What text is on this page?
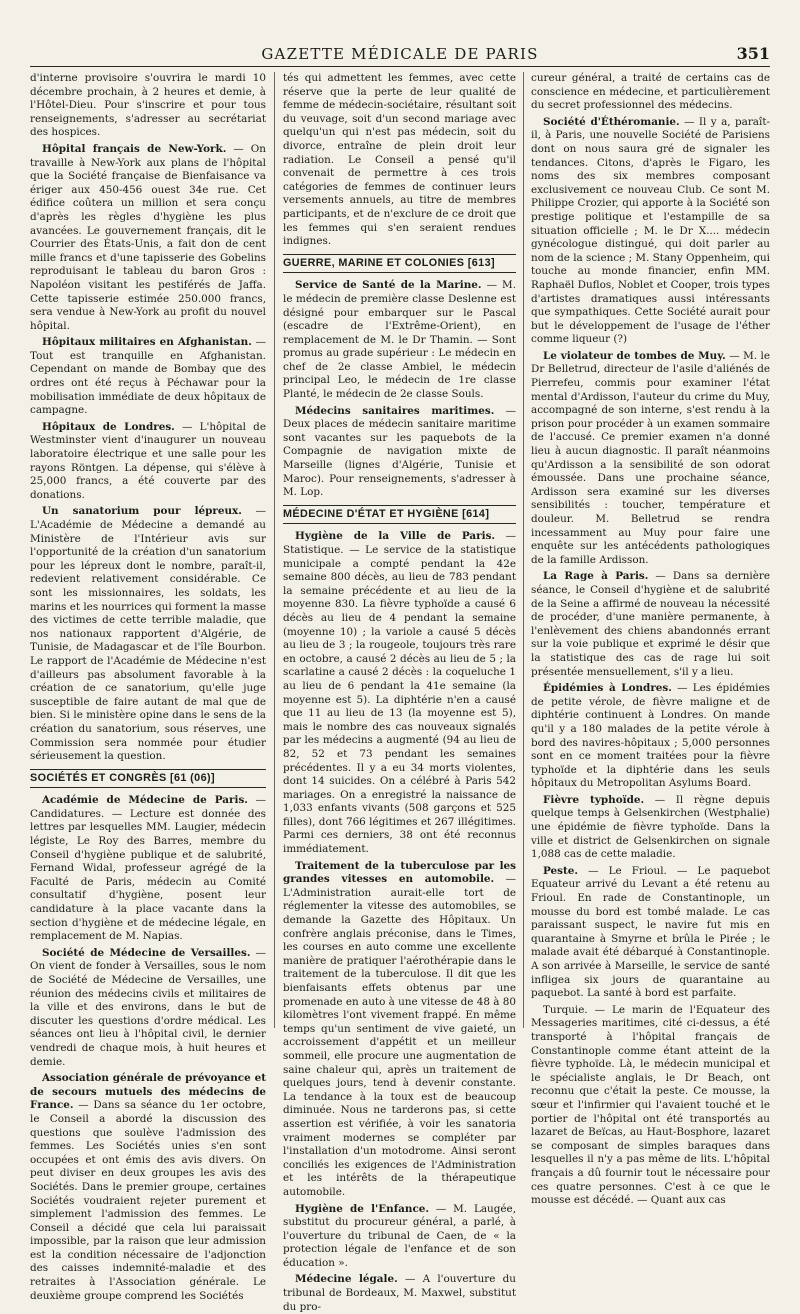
GAZETTE MÉDICALE DE PARIS	351

d'interne provisoire s'ouvrira le mardi 10 décembre prochain, à 2 heures et demie, à l'Hôtel-Dieu. Pour s'inscrire et pour tous renseignements, s'adresser au secrétariat des hospices.

Hôpital français de New-York. — On travaille à New-York aux plans de l'hôpital que la Société française de Bienfaisance va ériger aux 450-456 ouest 34e rue. Cet édifice coûtera un million et sera conçu d'après les règles d'hygiène les plus avancées. Le gouvernement français, dit le Courrier des États-Unis, a fait don de cent mille francs et d'une tapisserie des Gobelins reproduisant le tableau du baron Gros : Napoléon visitant les pestiférés de Jaffa. Cette tapisserie estimée 250.000 francs, sera vendue à New-York au profit du nouvel hôpital.

Hôpitaux militaires en Afghanistan. — Tout est tranquille en Afghanistan. Cependant on mande de Bombay que des ordres ont été reçus à Péchawar pour la mobilisation immédiate de deux hôpitaux de campagne.

Hôpitaux de Londres. — L'hôpital de Westminster vient d'inaugurer un nouveau laboratoire électrique et une salle pour les rayons Röntgen. La dépense, qui s'élève à 25,000 francs, a été couverte par des donations.

Un sanatorium pour lépreux. — L'Académie de Médecine a demandé au Ministère de l'Intérieur avis sur l'opportunité de la création d'un sanatorium pour les lépreux dont le nombre, paraît-il, redevient relativement considérable. Ce sont les missionnaires, les soldats, les marins et les nourrices qui forment la masse des victimes de cette terrible maladie, que nos nationaux rapportent d'Algérie, de Tunisie, de Madagascar et de l'île Bourbon. Le rapport de l'Académie de Médecine n'est d'ailleurs pas absolument favorable à la création de ce sanatorium, qu'elle juge susceptible de faire autant de mal que de bien. Si le ministère opine dans le sens de la création du sanatorium, sous réserves, une Commission sera nommée pour étudier sérieusement la question.

SOCIÉTÉS ET CONGRÈS [61 (06)]

Académie de Médecine de Paris. — Candidatures. — Lecture est donnée des lettres par lesquelles MM. Laugier, médecin légiste, Le Roy des Barres, membre du Conseil d'hygiène publique et de salubrité, Fernand Widal, professeur agrégé de la Faculté de Paris, médecin au Comité consultatif d'hygiène, posent leur candidature à la place vacante dans la section d'hygiène et de médecine légale, en remplacement de M. Napias.

Société de Médecine de Versailles. — On vient de fonder à Versailles, sous le nom de Société de Médecine de Versailles, une réunion des médecins civils et militaires de la ville et des environs, dans le but de discuter les questions d'ordre médical. Les séances ont lieu à l'hôpital civil, le dernier vendredi de chaque mois, à huit heures et demie.

Association générale de prévoyance et de secours mutuels des médecins de France. — Dans sa séance du 1er octobre, le Conseil a abordé la discussion des questions que soulève l'admission des femmes. Les Sociétés unies s'en sont occupées et ont émis des avis divers. On peut diviser en deux groupes les avis des Sociétés. Dans le premier groupe, certaines Sociétés voudraient rejeter purement et simplement l'admission des femmes. Le Conseil a décidé que cela lui paraissait impossible, par la raison que leur admission est la condition nécessaire de l'adjonction des caisses indemnité-maladie et des retraites à l'Association générale. Le deuxième groupe comprend les Sociétés

tés qui admettent les femmes, avec cette réserve que la perte de leur qualité de femme de médecin-sociétaire, résultant soit du veuvage, soit d'un second mariage avec quelqu'un qui n'est pas médecin, soit du divorce, entraîne de plein droit leur radiation. Le Conseil a pensé qu'il convenait de permettre à ces trois catégories de femmes de continuer leurs versements annuels, au titre de membres participants, et de n'exclure de ce droit que les femmes qui s'en seraient rendues indignes.

GUERRE, MARINE ET COLONIES [613]

Service de Santé de la Marine. — M. le médecin de première classe Deslenne est désigné pour embarquer sur le Pascal (escadre de l'Extrême-Orient), en remplacement de M. le Dr Thamin. — Sont promus au grade supérieur : Le médecin en chef de 2e classe Ambiel, le médecin principal Leo, le médecin de 1re classe Planté, le médecin de 2e classe Souls.

Médecins sanitaires maritimes. — Deux places de médecin sanitaire maritime sont vacantes sur les paquebots de la Compagnie de navigation mixte de Marseille (lignes d'Algérie, Tunisie et Maroc). Pour renseignements, s'adresser à M. Lop.

MÉDECINE D'ÉTAT ET HYGIÈNE [614]

Hygiène de la Ville de Paris. — Statistique. — Le service de la statistique municipale a compté pendant la 42e semaine 800 décès, au lieu de 783 pendant la semaine précédente et au lieu de la moyenne 830. La fièvre typhoïde a causé 6 décès au lieu de 4 pendant la semaine (moyenne 10) ; la variole a causé 5 décès au lieu de 3 ; la rougeole, toujours très rare en octobre, a causé 2 décès au lieu de 5 ; la scarlatine a causé 2 décès : la coqueluche 1 au lieu de 6 pendant la 41e semaine (la moyenne est 5). La diphtérie n'en a causé que 11 au lieu de 13 (la moyenne est 5), mais le nombre des cas nouveaux signalés par les médecins a augmenté (94 au lieu de 82, 52 et 73 pendant les semaines précédentes. Il y a eu 34 morts violentes, dont 14 suicides. On a célébré à Paris 542 mariages. On a enregistré la naissance de 1,033 enfants vivants (508 garçons et 525 filles), dont 766 légitimes et 267 illégitimes. Parmi ces derniers, 38 ont été reconnus immédiatement.

Traitement de la tuberculose par les grandes vitesses en automobile. — L'Administration aurait-elle tort de réglementer la vitesse des automobiles, se demande la Gazette des Hôpitaux. Un confrère anglais préconise, dans le Times, les courses en auto comme une excellente manière de pratiquer l'aérothérapie dans le traitement de la tuberculose. Il dit que les bienfaisants effets obtenus par une promenade en auto à une vitesse de 48 à 80 kilomètres l'ont vivement frappé. En même temps qu'un sentiment de vive gaieté, un accroissement d'appétit et un meilleur sommeil, elle procure une augmentation de saine chaleur qui, après un traitement de quelques jours, tend à devenir constante. La tendance à la toux est de beaucoup diminuée. Nous ne tarderons pas, si cette assertion est vérifiée, à voir les sanatoria vraiment modernes se compléter par l'installation d'un motodrome. Ainsi seront conciliés les exigences de l'Administration et les intérêts de la thérapeutique automobile.

Hygiène de l'Enfance. — M. Laugée, substitut du procureur général, a parlé, à l'ouverture du tribunal de Caen, de « la protection légale de l'enfance et de son éducation ».

Médecine légale. — A l'ouverture du tribunal de Bordeaux, M. Maxwel, substitut du pro-

cureur général, a traité de certains cas de conscience en médecine, et particulièrement du secret professionnel des médecins.

Société d'Éthéromanie. — Il y a, paraît-il, à Paris, une nouvelle Société de Parisiens dont on nous saura gré de signaler les tendances. Citons, d'après le Figaro, les noms des six membres composant exclusivement ce nouveau Club. Ce sont M. Philippe Crozier, qui apporte à la Société son prestige politique et l'estampille de sa situation officielle ; M. le Dr X.... médecin gynécologue distingué, qui doit parler au nom de la science ; M. Stany Oppenheim, qui touche au monde financier, enfin MM. Raphaël Duflos, Noblet et Cooper, trois types d'artistes dramatiques aussi intéressants que sympathiques. Cette Société aurait pour but le développement de l'usage de l'éther comme liqueur (?)

Le violateur de tombes de Muy. — M. le Dr Belletrud, directeur de l'asile d'aliénés de Pierrefeu, commis pour examiner l'état mental d'Ardisson, l'auteur du crime du Muy, accompagné de son interne, s'est rendu à la prison pour procéder à un examen sommaire de l'accusé. Ce premier examen n'a donné lieu à aucun diagnostic. Il paraît néanmoins qu'Ardisson a la sensibilité de son odorat émoussée. Dans une prochaine séance, Ardisson sera examiné sur les diverses sensibilités : toucher, température et douleur. M. Belletrud se rendra incessamment au Muy pour faire une enquête sur les antécédents pathologiques de la famille Ardisson.

La Rage à Paris. — Dans sa dernière séance, le Conseil d'hygiène et de salubrité de la Seine a affirmé de nouveau la nécessité de procéder, d'une manière permanente, à l'enlèvement des chiens abandonnés errant sur la voie publique et exprimé le désir que la statistique des cas de rage lui soit présentée mensuellement, s'il y a lieu.

Épidémies à Londres. — Les épidémies de petite vérole, de fièvre maligne et de diphtérie continuent à Londres. On mande qu'il y a 180 malades de la petite vérole à bord des navires-hôpitaux ; 5,000 personnes sont en ce moment traitées pour la fièvre typhoïde et la diphtérie dans les seuls hôpitaux du Metropolitan Asylums Board.

Fièvre typhoïde. — Il règne depuis quelque temps à Gelsenkirchen (Westphalie) une épidémie de fièvre typhoïde. Dans la ville et district de Gelsenkirchen on signale 1,088 cas de cette maladie.

Peste. — Le Frioul. — Le paquebot Equateur arrivé du Levant a été retenu au Frioul. En rade de Constantinople, un mousse du bord est tombé malade. Le cas paraissant suspect, le navire fut mis en quarantaine à Smyrne et brûla le Pirée ; le malade avait été débarqué à Constantinople. A son arrivée à Marseille, le service de santé infligea six jours de quarantaine au paquebot. La santé à bord est parfaite.

Turquie. — Le marin de l'Equateur des Messageries maritimes, cité ci-dessus, a été transporté à l'hôpital français de Constantinople comme étant atteint de la fièvre typhoïde. Là, le médecin municipal et le spécialiste anglais, le Dr Beach, ont reconnu que c'était la peste. Ce mousse, la sœur et l'infirmier qui l'avaient touché et le portier de l'hôpital ont été transportés au lazaret de Beïcas, au Haut-Bosphore, lazaret se composant de simples baraques dans lesquelles il n'y a pas même de lits. L'hôpital français a dû fournir tout le nécessaire pour ces quatre personnes. C'est à ce que le mousse est décédé. — Quant aux cas
